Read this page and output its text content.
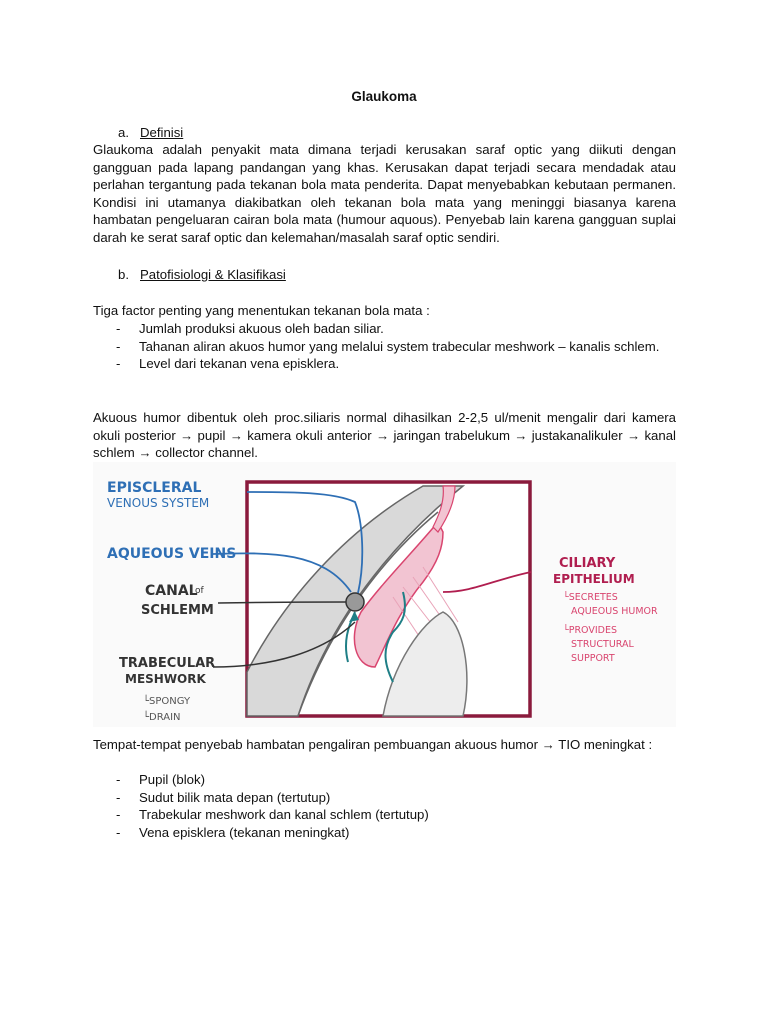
Glaukoma
a. Definisi
Glaukoma adalah penyakit mata dimana terjadi kerusakan saraf optic yang diikuti dengan gangguan pada lapang pandangan yang khas. Kerusakan dapat terjadi secara mendadak atau perlahan tergantung pada tekanan bola mata penderita. Dapat menyebabkan kebutaan permanen. Kondisi ini utamanya diakibatkan oleh tekanan bola mata yang meninggi biasanya karena hambatan pengeluaran cairan bola mata (humour aquous). Penyebab lain karena gangguan suplai darah ke serat saraf optic dan kelemahan/masalah saraf optic sendiri.
b. Patofisiologi & Klasifikasi
Tiga factor penting yang menentukan tekanan bola mata :
- Jumlah produksi akuous oleh badan siliar.
- Tahanan aliran akuos humor yang melalui system trabecular meshwork – kanalis schlem.
- Level dari tekanan vena episklera.
Akuous humor dibentuk oleh proc.siliaris normal dihasilkan 2-2,5 ul/menit mengalir dari kamera okuli posterior → pupil → kamera okuli anterior → jaringan trabelukum → justakanalikuler → kanal schlem → collector channel.
EPISCLERAL
VENOUS SYSTEM
AQUEOUS VEINS
CANAL
of
SCHLEMM
TRABECULAR
MESHWORK
└SPONGY
└DRAIN
CILIARY
EPITHELIUM
└SECRETES
AQUEOUS HUMOR
└PROVIDES
STRUCTURAL
SUPPORT
Tempat-tempat penyebab hambatan pengaliran pembuangan akuous humor → TIO meningkat :
- Pupil (blok)
- Sudut bilik mata depan (tertutup)
- Trabekular meshwork dan kanal schlem (tertutup)
- Vena episklera (tekanan meningkat)
